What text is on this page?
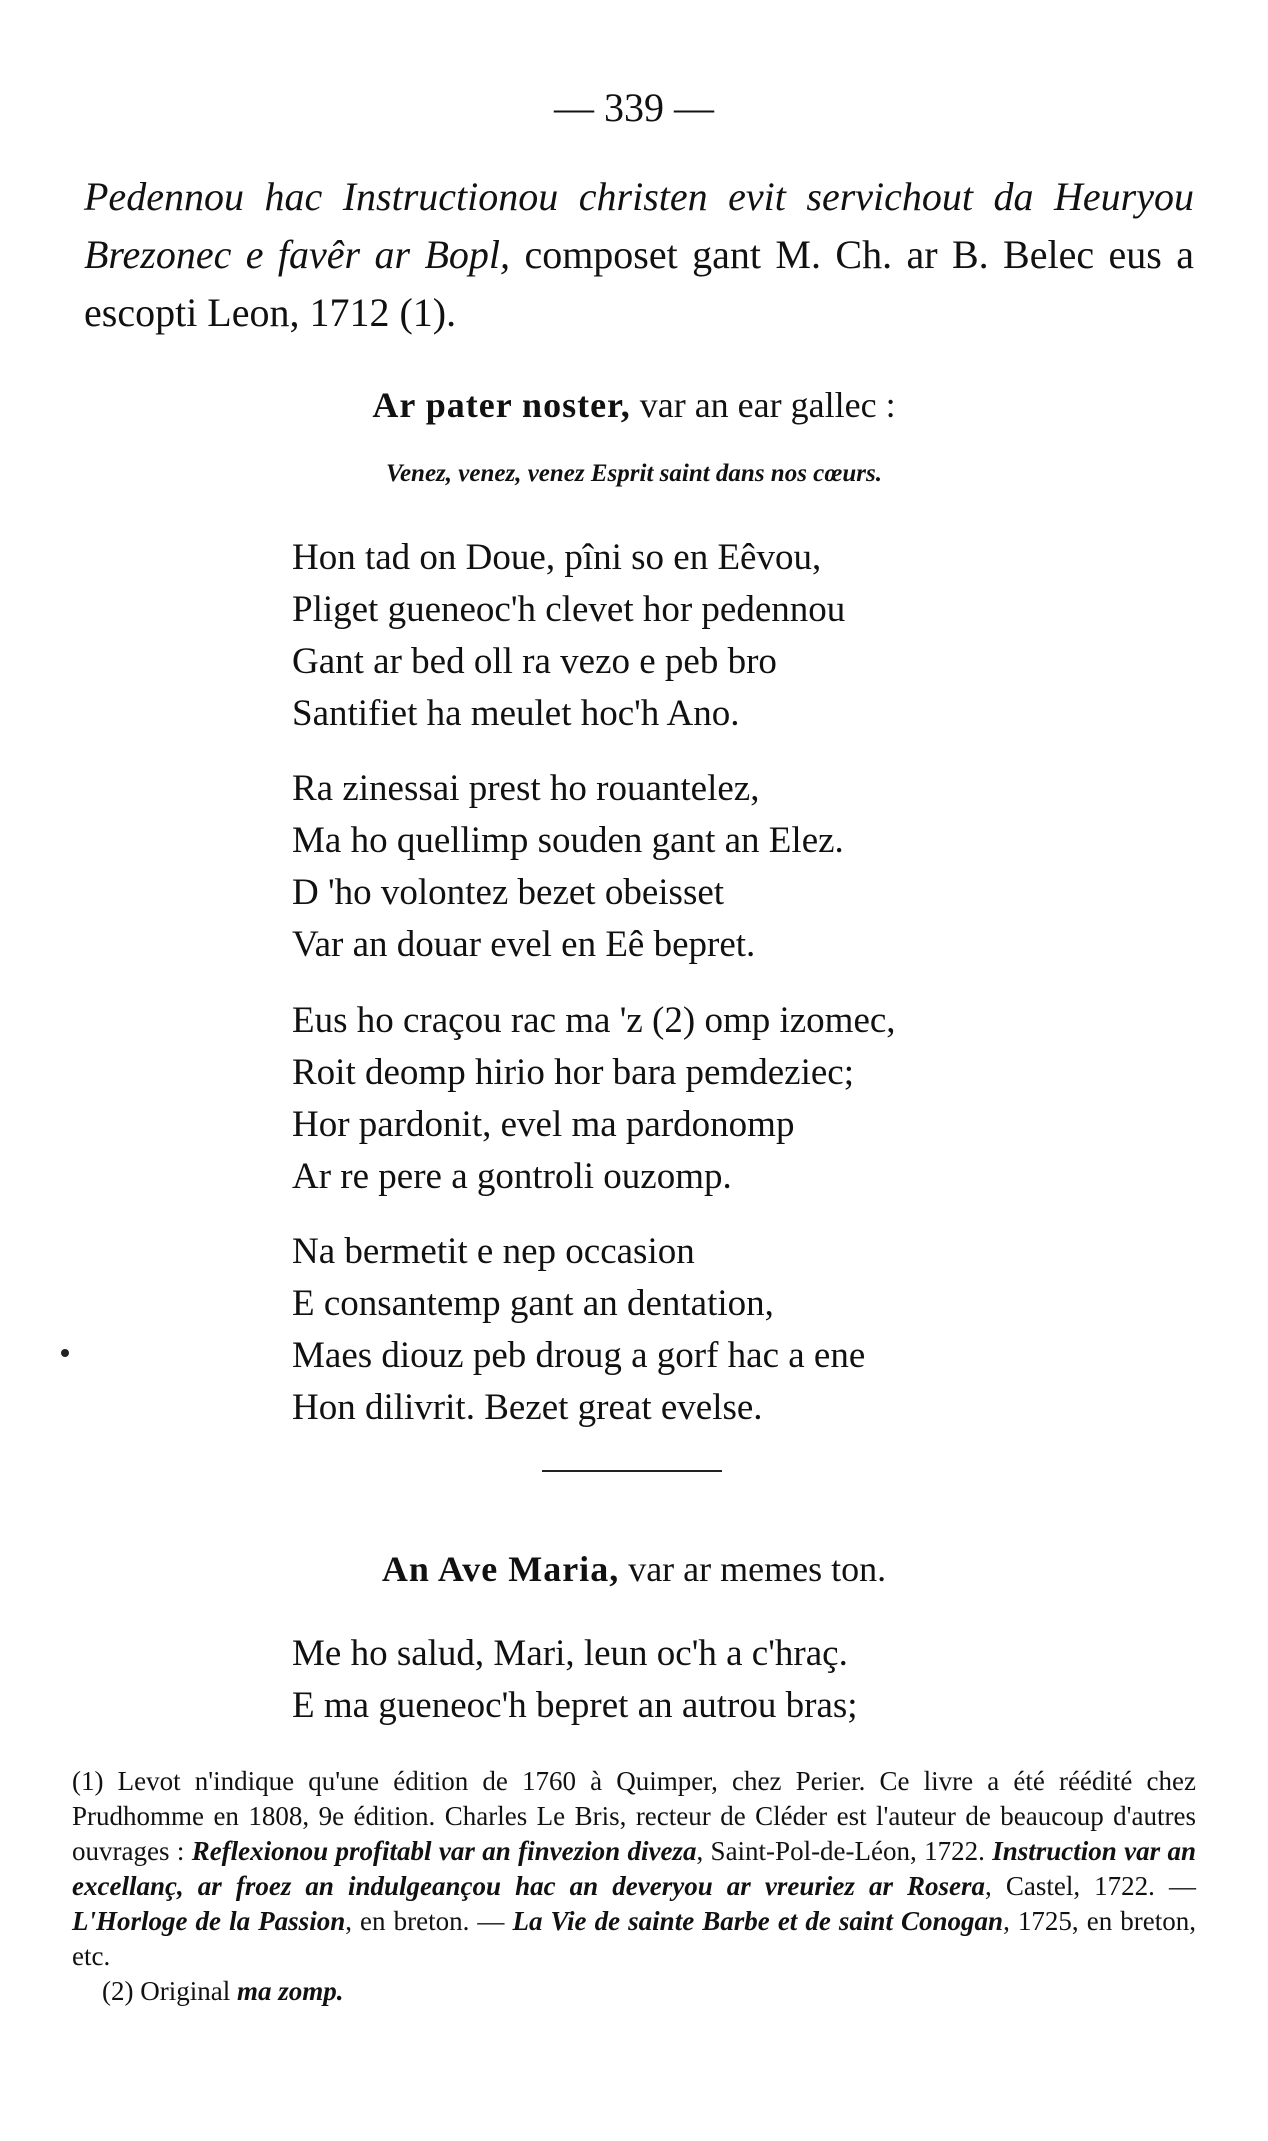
— 339 —
Pedennou hac Instructionou christen evit servichout da Heuryou Brezonec e favêr ar Bopl, composet gant M. Ch. ar B. Belec eus a escopti Leon, 1712 (1).
Ar pater noster, var an ear gallec :
Venez, venez, venez Esprit saint dans nos cœurs.
Hon tad on Doue, pîni so en Eêvou,
Pliget gueneoc'h clevet hor pedennou
Gant ar bed oll ra vezo e peb bro
Santifiet ha meulet hoc'h Ano.
Ra zinessai prest ho rouantelez,
Ma ho quellimp souden gant an Elez.
D 'ho volontez bezet obeisset
Var an douar evel en Eê bepret.
Eus ho craçou rac ma 'z (2) omp izomec,
Roit deomp hirio hor bara pemdeziec;
Hor pardonit, evel ma pardonomp
Ar re pere a gontroli ouzomp.
Na bermetit e nep occasion
E consantemp gant an dentation,
Maes diouz peb droug a gorf hac a ene
Hon dilivrit. Bezet great evelse.
An Ave Maria, var ar memes ton.
Me ho salud, Mari, leun oc'h a c'hraç.
E ma gueneoc'h bepret an autrou bras;
(1) Levot n'indique qu'une édition de 1760 à Quimper, chez Perier. Ce livre a été réédité chez Prudhomme en 1808, 9e édition. Charles Le Bris, recteur de Cléder est l'auteur de beaucoup d'autres ouvrages : Reflexionou profitabl var an finvezion diveza, Saint-Pol-de-Léon, 1722. Instruction var an excellanç, ar froez an indulgeançou hac an deveryou ar vreuriez ar Rosera, Castel, 1722. — L'Horloge de la Passion, en breton. — La Vie de sainte Barbe et de saint Conogan, 1725, en breton, etc.
(2) Original ma zomp.
